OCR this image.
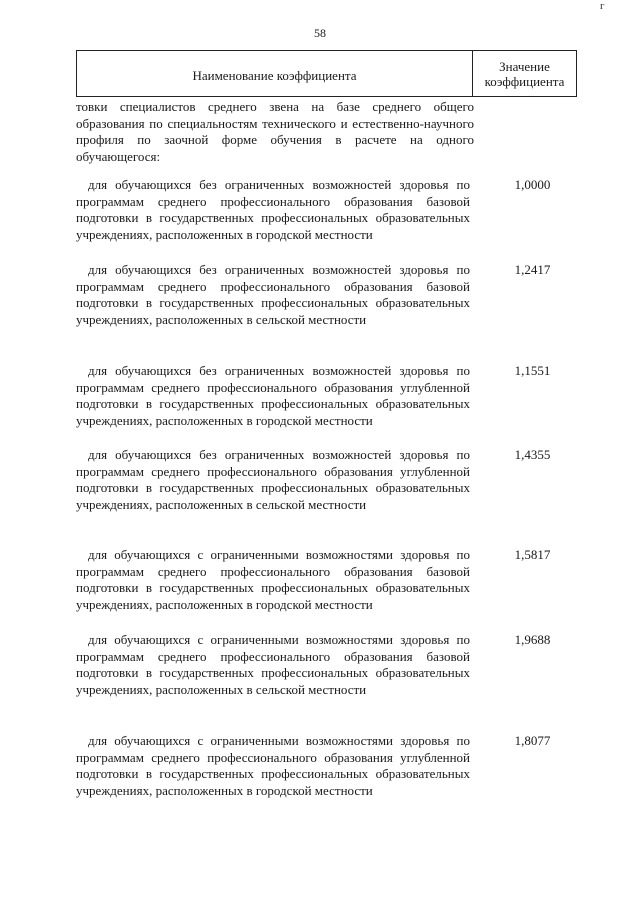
г
58
Наименование коэффициента
Значение
коэффициента
товки специалистов среднего звена на базе среднего общего образования по специальностям технического и естественно-научного профиля по заочной форме обучения в расчете на одного обучающегося:
для обучающихся без ограниченных возможностей здоровья по программам среднего профессионального образования базовой подготовки в государственных профессиональных образовательных учреждениях, расположенных в городской местности
1,0000
для обучающихся без ограниченных возможностей здоровья по программам среднего профессионального образования базовой подготовки в государственных профессиональных образовательных учреждениях, расположенных в сельской местности
1,2417
для обучающихся без ограниченных возможностей здоровья по программам среднего профессионального образования углубленной подготовки в государственных профессиональных образовательных учреждениях, расположенных в городской местности
1,1551
для обучающихся без ограниченных возможностей здоровья по программам среднего профессионального образования углубленной подготовки в государственных профессиональных образовательных учреждениях, расположенных в сельской местности
1,4355
для обучающихся с ограниченными возможностями здоровья по программам среднего профессионального образования базовой подготовки в государственных профессиональных образовательных учреждениях, расположенных в городской местности
1,5817
для обучающихся с ограниченными возможностями здоровья по программам среднего профессионального образования базовой подготовки в государственных профессиональных образовательных учреждениях, расположенных в сельской местности
1,9688
для обучающихся с ограниченными возможностями здоровья по программам среднего профессионального образования углубленной подготовки в государственных профессиональных образовательных учреждениях, расположенных в городской местности
1,8077
